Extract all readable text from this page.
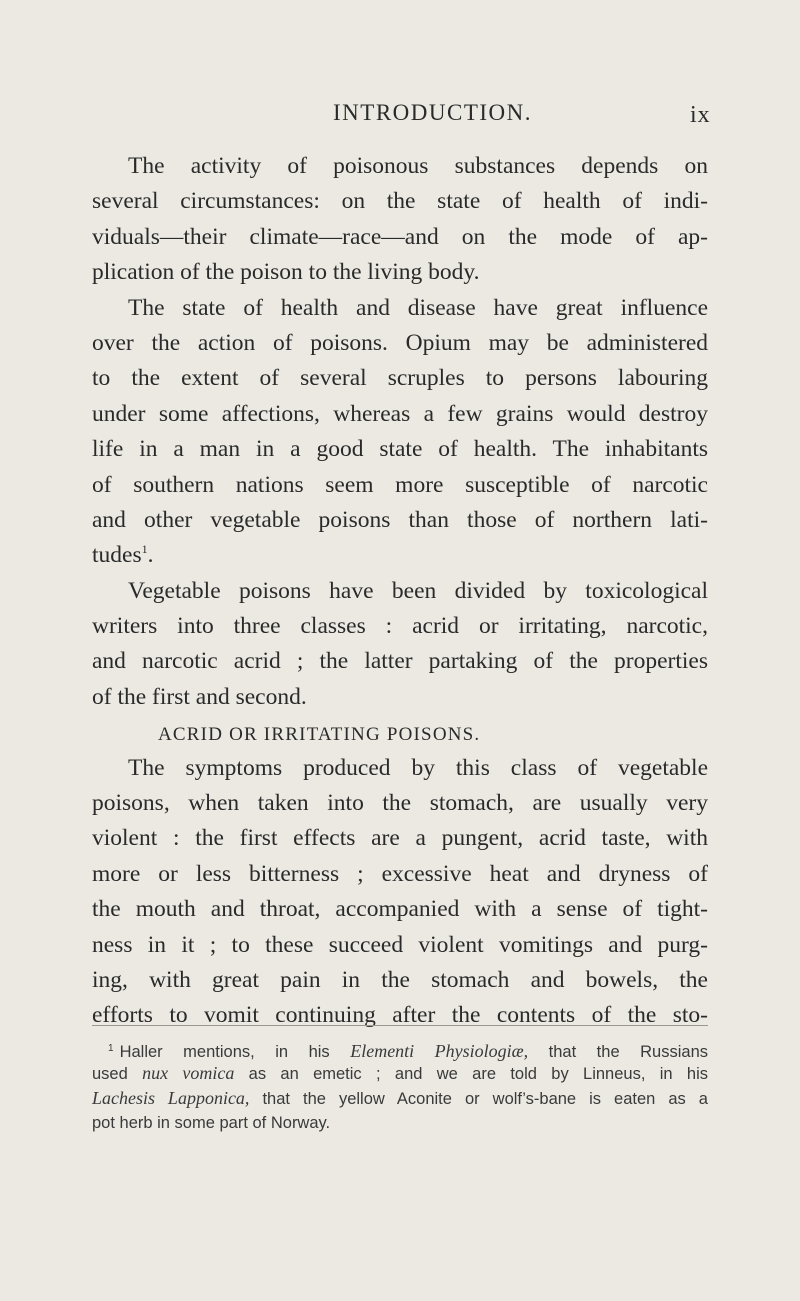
INTRODUCTION.	ix
The activity of poisonous substances depends on
several circumstances: on the state of health of indi-
viduals—their climate—race—and on the mode of ap-
plication of the poison to the living body.
The state of health and disease have great influence
over the action of poisons. Opium may be administered
to the extent of several scruples to persons labouring
under some affections, whereas a few grains would destroy
life in a man in a good state of health. The inhabitants
of southern nations seem more susceptible of narcotic
and other vegetable poisons than those of northern lati-
tudes$^1$.
Vegetable poisons have been divided by toxicological
writers into three classes : acrid or irritating, narcotic,
and narcotic acrid ; the latter partaking of the properties
of the first and second.
ACRID OR IRRITATING POISONS.
The symptoms produced by this class of vegetable
poisons, when taken into the stomach, are usually very
violent : the first effects are a pungent, acrid taste, with
more or less bitterness ; excessive heat and dryness of
the mouth and throat, accompanied with a sense of tight-
ness in it ; to these succeed violent vomitings and purg-
ing, with great pain in the stomach and bowels, the
efforts to vomit continuing after the contents of the sto-
$^1$ Haller mentions, in his Elementi Physiologiæ, that the Russians
used nux vomica as an emetic ; and we are told by Linneus, in his
Lachesis Lapponica, that the yellow Aconite or wolf’s-bane is eaten as a
pot herb in some part of Norway.
